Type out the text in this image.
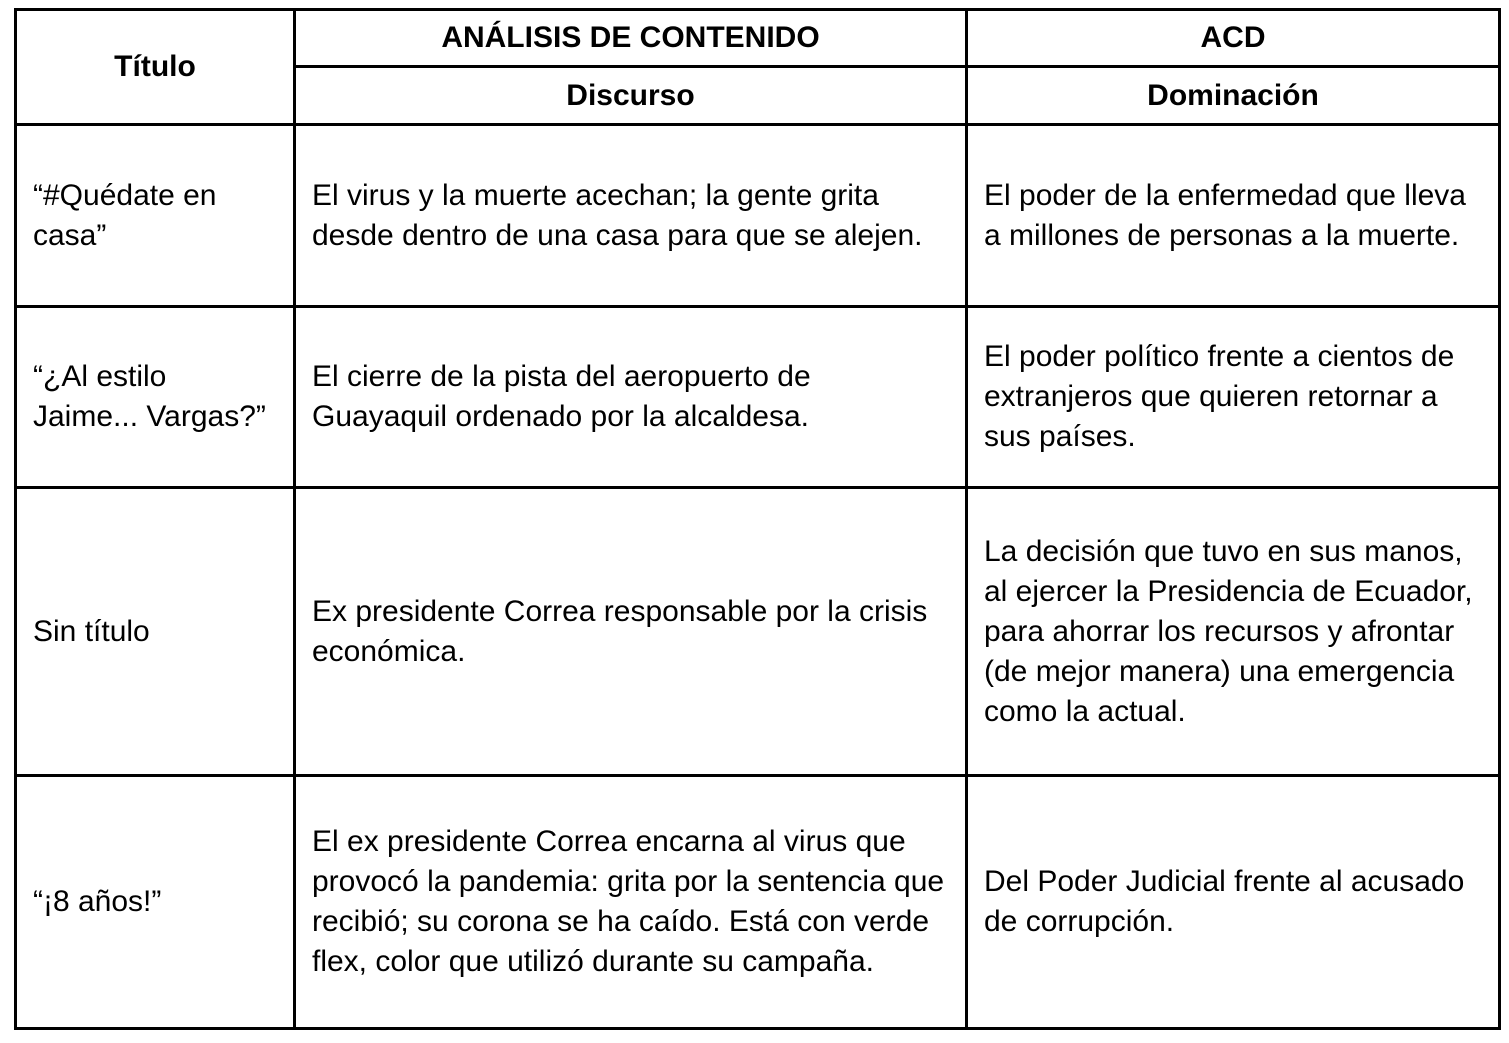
Título	ANÁLISIS DE CONTENIDO	ACD
	Discurso	Dominación
“#Quédate en casa”	El virus y la muerte acechan; la gente grita desde dentro de una casa para que se alejen.	El poder de la enfermedad que lleva a millones de personas a la muerte.
“¿Al estilo Jaime... Vargas?”	El cierre de la pista del aeropuerto de Guayaquil ordenado por la alcaldesa.	El poder político frente a cientos de extranjeros que quieren retornar a sus países.
Sin título	Ex presidente Correa responsable por la crisis económica.	La decisión que tuvo en sus manos, al ejercer la Presidencia de Ecuador, para ahorrar los recursos y afrontar (de mejor manera) una emergencia como la actual.
“¡8 años!”	El ex presidente Correa encarna al virus que provocó la pandemia: grita por la sentencia que recibió; su corona se ha caído. Está con verde flex, color que utilizó durante su campaña.	Del Poder Judicial frente al acusado de corrupción.
